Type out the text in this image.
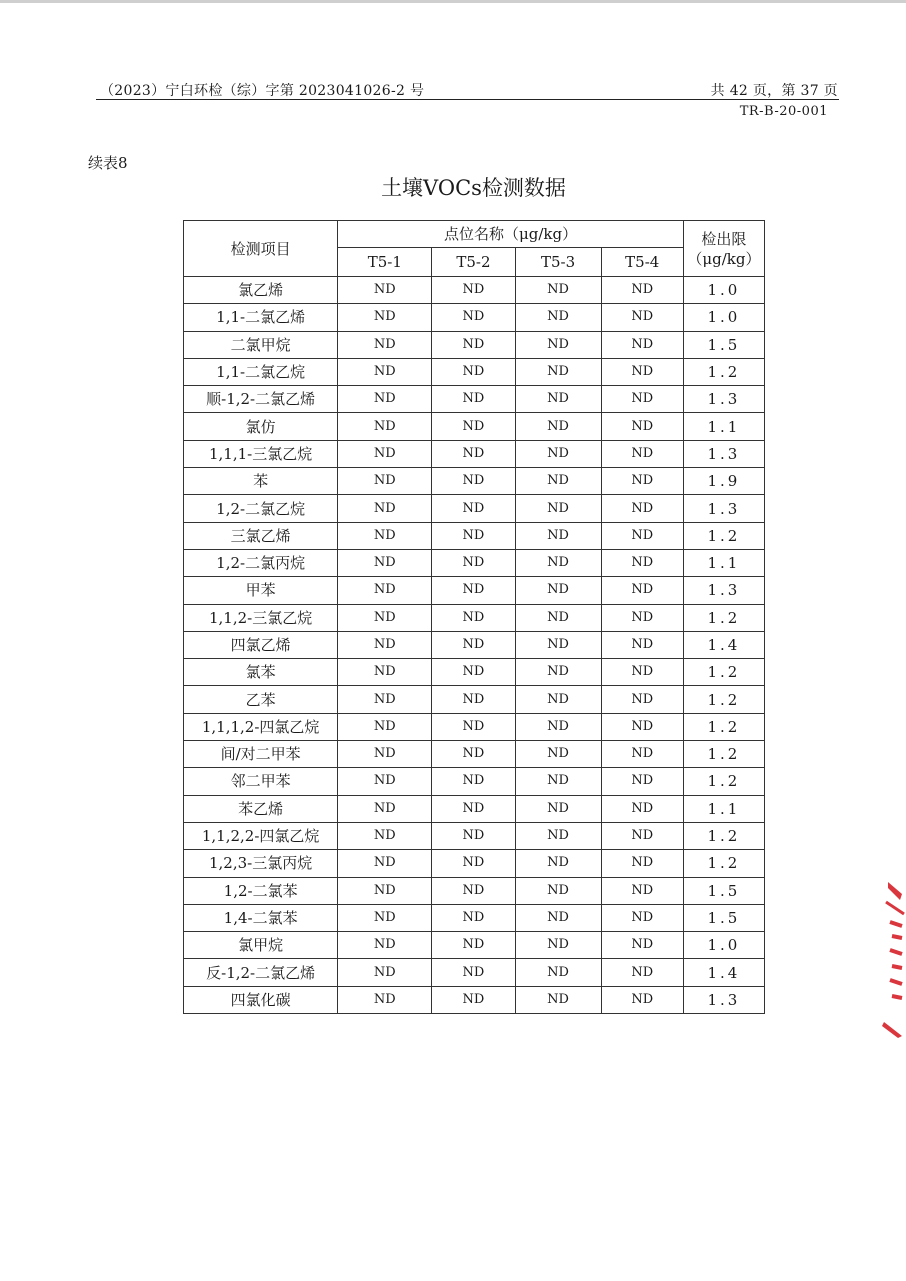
（2023）宁白环检（综）字第 2023041026-2 号	共 42 页，第 37 页
TR-B-20-001
续表8
土壤VOCs检测数据
检测项目	点位名称（μg/kg）				检出限
（μg/kg）

	T5-1	T5-2	T5-3	T5-4	
氯乙烯	ND	ND	ND	ND	1.0
1,1-二氯乙烯	ND	ND	ND	ND	1.0
二氯甲烷	ND	ND	ND	ND	1.5
1,1-二氯乙烷	ND	ND	ND	ND	1.2
顺-1,2-二氯乙烯	ND	ND	ND	ND	1.3
氯仿	ND	ND	ND	ND	1.1
1,1,1-三氯乙烷	ND	ND	ND	ND	1.3
苯	ND	ND	ND	ND	1.9
1,2-二氯乙烷	ND	ND	ND	ND	1.3
三氯乙烯	ND	ND	ND	ND	1.2
1,2-二氯丙烷	ND	ND	ND	ND	1.1
甲苯	ND	ND	ND	ND	1.3
1,1,2-三氯乙烷	ND	ND	ND	ND	1.2
四氯乙烯	ND	ND	ND	ND	1.4
氯苯	ND	ND	ND	ND	1.2
乙苯	ND	ND	ND	ND	1.2
1,1,1,2-四氯乙烷	ND	ND	ND	ND	1.2
间/对二甲苯	ND	ND	ND	ND	1.2
邻二甲苯	ND	ND	ND	ND	1.2
苯乙烯	ND	ND	ND	ND	1.1
1,1,2,2-四氯乙烷	ND	ND	ND	ND	1.2
1,2,3-三氯丙烷	ND	ND	ND	ND	1.2
1,2-二氯苯	ND	ND	ND	ND	1.5
1,4-二氯苯	ND	ND	ND	ND	1.5
氯甲烷	ND	ND	ND	ND	1.0
反-1,2-二氯乙烯	ND	ND	ND	ND	1.4
四氯化碳	ND	ND	ND	ND	1.3
